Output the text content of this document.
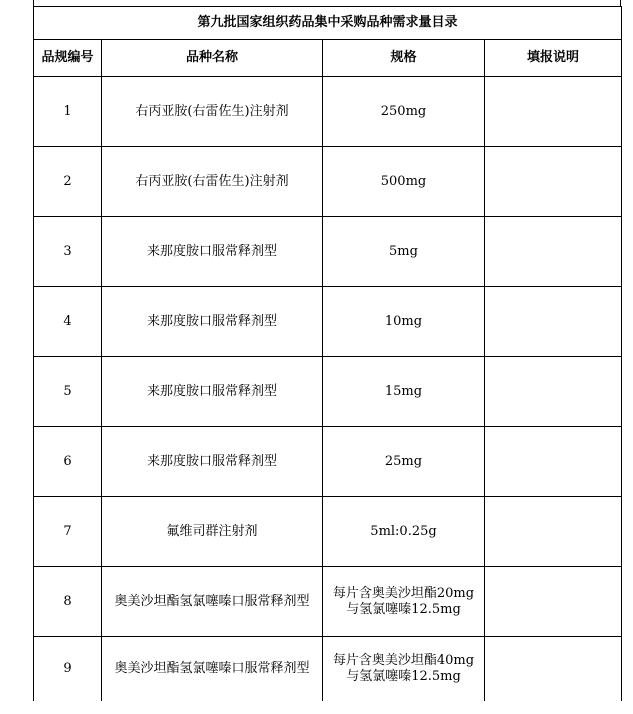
第九批国家组织药品集中采购品种需求量目录			
品规编号	品种名称	规格	填报说明
1	右丙亚胺(右雷佐生)注射剂	250mg	
2	右丙亚胺(右雷佐生)注射剂	500mg	
3	来那度胺口服常释剂型	5mg	
4	来那度胺口服常释剂型	10mg	
5	来那度胺口服常释剂型	15mg	
6	来那度胺口服常释剂型	25mg	
7	氟维司群注射剂	5ml:0.25g	
8	奥美沙坦酯氢氯噻嗪口服常释剂型	每片含奥美沙坦酯20mg与氢氯噻嗪12.5mg	
9	奥美沙坦酯氢氯噻嗪口服常释剂型	每片含奥美沙坦酯40mg与氢氯噻嗪12.5mg	
